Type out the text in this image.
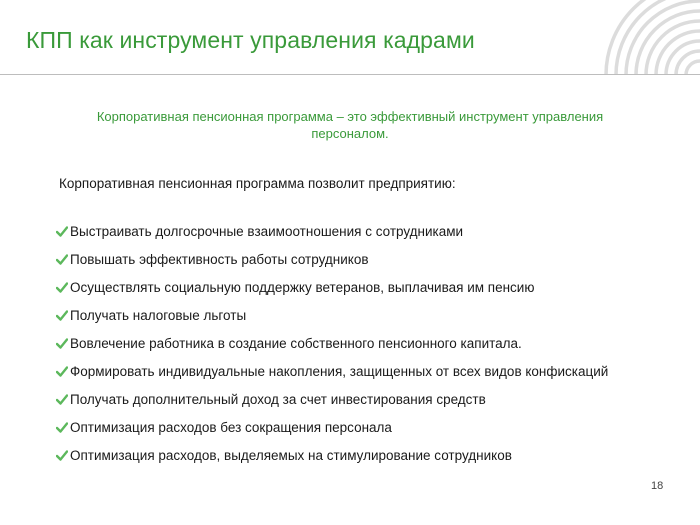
КПП как инструмент управления кадрами
Корпоративная пенсионная программа – это эффективный инструмент управления персоналом.
Корпоративная пенсионная программа позволит предприятию:
Выстраивать долгосрочные взаимоотношения с сотрудниками
Повышать эффективность работы сотрудников
Осуществлять социальную поддержку ветеранов, выплачивая им пенсию
Получать налоговые льготы
Вовлечение работника в создание собственного пенсионного капитала.
Формировать индивидуальные накопления, защищенных от всех видов конфискаций
Получать дополнительный доход за счет инвестирования средств
Оптимизация расходов без сокращения персонала
Оптимизация расходов, выделяемых на стимулирование сотрудников
18
